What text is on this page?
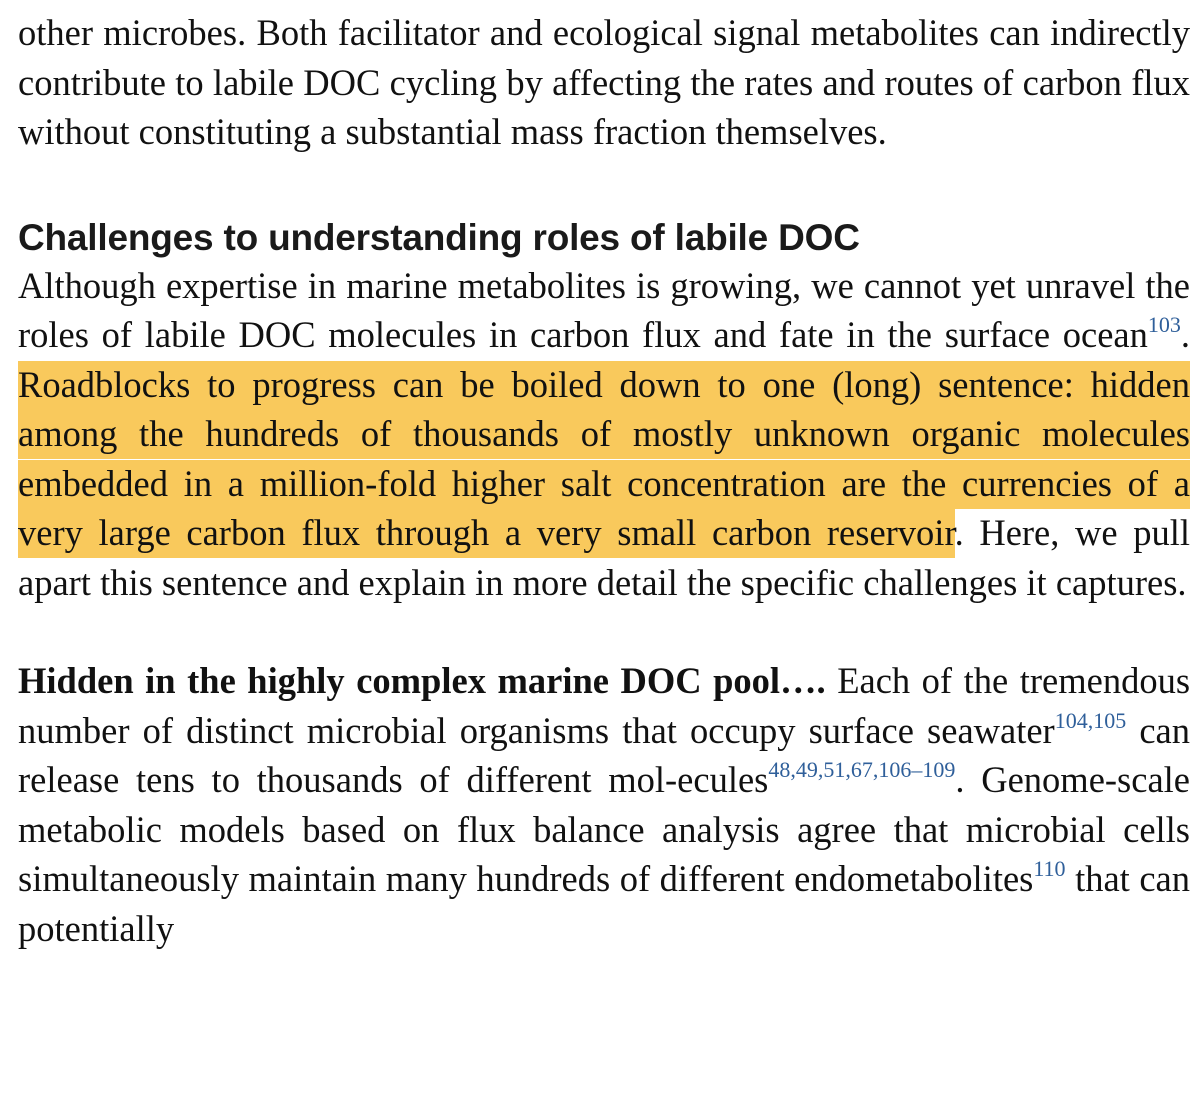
other microbes. Both facilitator and ecological signal metabolites can indirectly contribute to labile DOC cycling by affecting the rates and routes of carbon flux without constituting a substantial mass fraction themselves.

Challenges to understanding roles of labile DOC

Although expertise in marine metabolites is growing, we cannot yet unravel the roles of labile DOC molecules in carbon flux and fate in the surface ocean$^{103}$. Roadblocks to progress can be boiled down to one (long) sentence: hidden among the hundreds of thousands of mostly unknown organic molecules embedded in a million-fold higher salt concentration are the currencies of a very large carbon flux through a very small carbon reservoir. Here, we pull apart this sentence and explain in more detail the specific challenges it captures.

Hidden in the highly complex marine DOC pool…. Each of the tremendous number of distinct microbial organisms that occupy surface seawater$^{104,105}$ can release tens to thousands of different mol-ecules$^{48,49,51,67,106-109}$. Genome-scale metabolic models based on flux balance analysis agree that microbial cells simultaneously maintain many hundreds of different endometabolites$^{110}$ that can potentially
